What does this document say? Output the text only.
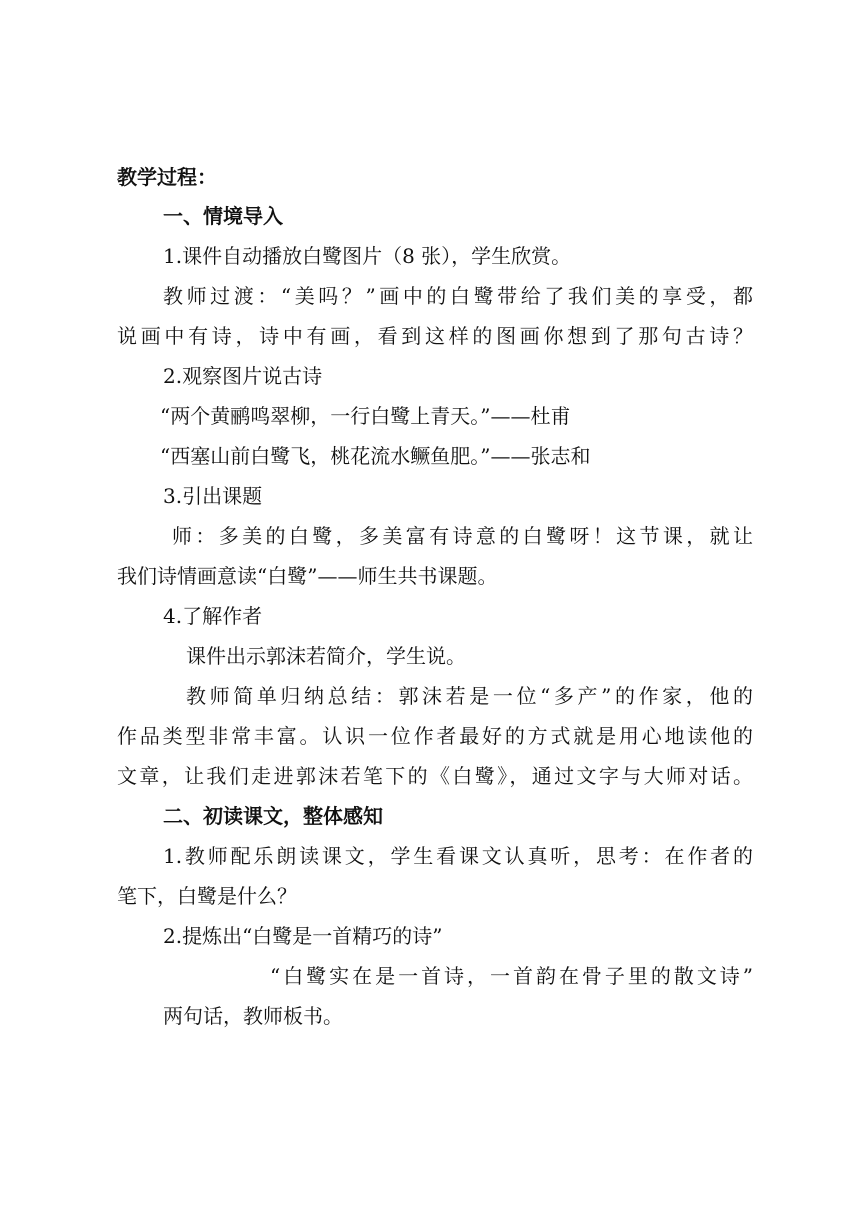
教学过程：
一、情境导入
1.课件自动播放白鹭图片（8 张），学生欣赏。
教师过渡：“美吗？”画中的白鹭带给了我们美的享受，都
说画中有诗，诗中有画，看到这样的图画你想到了那句古诗？
2.观察图片说古诗
“两个黄鹂鸣翠柳，一行白鹭上青天。”——杜甫
“西塞山前白鹭飞，桃花流水鳜鱼肥。”——张志和
3.引出课题
师：多美的白鹭，多美富有诗意的白鹭呀！这节课，就让
我们诗情画意读“白鹭”——师生共书课题。
4.了解作者
课件出示郭沫若简介，学生说。
教师简单归纳总结：郭沫若是一位“多产”的作家，他的
作品类型非常丰富。认识一位作者最好的方式就是用心地读他的
文章，让我们走进郭沫若笔下的《白鹭》，通过文字与大师对话。
二、初读课文，整体感知
1.教师配乐朗读课文，学生看课文认真听，思考：在作者的
笔下，白鹭是什么？
2.提炼出“白鹭是一首精巧的诗”
“白鹭实在是一首诗，一首韵在骨子里的散文诗”
两句话，教师板书。
